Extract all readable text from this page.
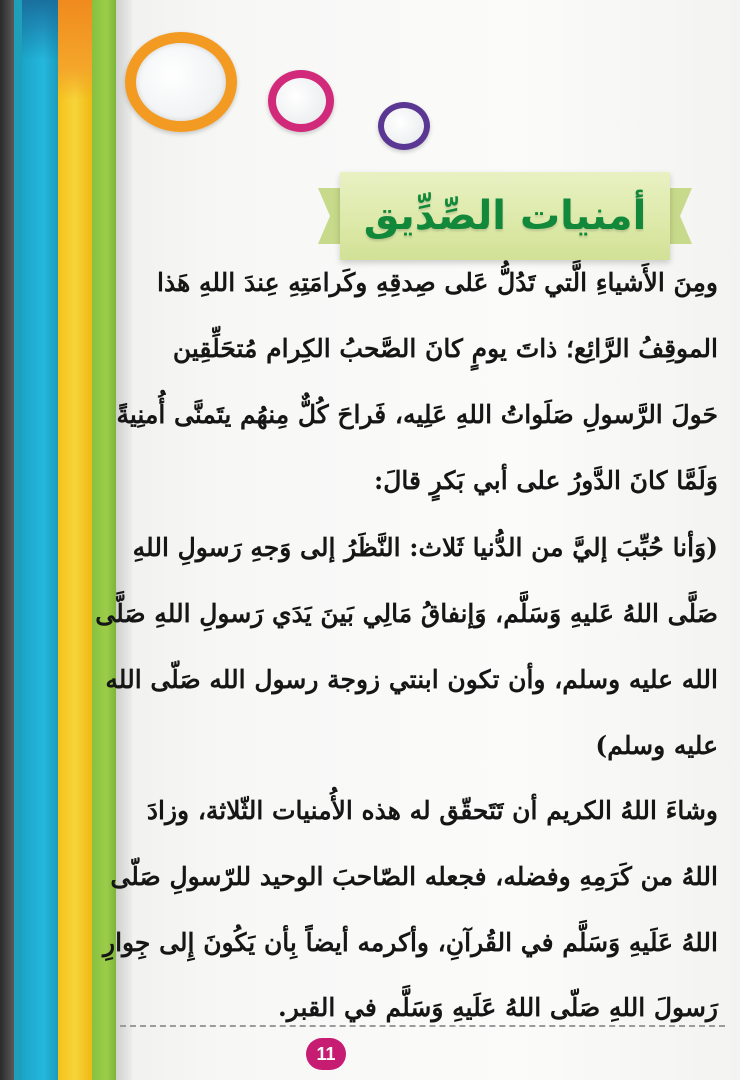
أمنيات الصِّدِّيق
ومِنَ الأَشياءِ الَّتي تَدُلُّ عَلى صِدقِهِ وكَرامَتِهِ عِندَ اللهِ هَذا
الموقِفُ الرَّائِع؛ ذاتَ يومٍ كانَ الصَّحبُ الكِرام مُتحَلِّقِين
حَولَ الرَّسولِ صَلَواتُ اللهِ عَلِيه، فَراحَ كُلٌّ مِنهُم يتَمنَّى أُمنِيةً
وَلَمَّا كانَ الدَّورُ على أبي بَكرٍ قالَ:
(وَأنا حُبِّبَ إليَّ من الدُّنيا ثَلاث: النَّظَرُ إلى وَجهِ رَسولِ اللهِ
صَلَّى اللهُ عَليهِ وَسَلَّم، وَإنفاقُ مَالِي بَينَ يَدَي رَسولِ اللهِ صَلَّى
الله عليه وسلم، وأن تكون ابنتي زوجة رسول الله صَلّى الله
عليه وسلم)
وشاءَ اللهُ الكريم أن تَتَحقّق له هذه الأُمنيات الثّلاثة، وزادَ
اللهُ من كَرَمِهِ وفضله، فجعله الصّاحبَ الوحيد للرّسولِ صَلّى
اللهُ عَلَيهِ وَسَلَّم في القُرآنِ، وأكرمه أيضاً بِأن يَكُونَ إِلى جِوارِ
رَسولَ اللهِ صَلّى اللهُ عَلَيهِ وَسَلَّم في القبر.
11
